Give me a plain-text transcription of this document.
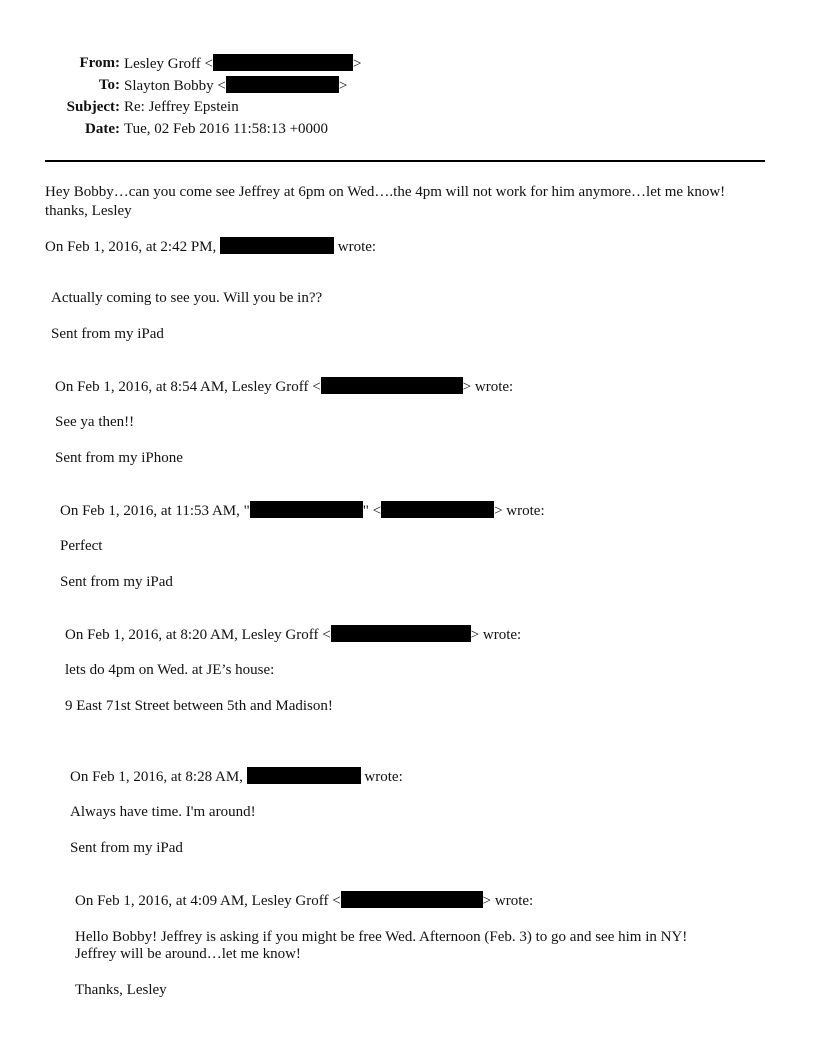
From: Lesley Groff <	>
To: Slayton Bobby <	>
Subject: Re: Jeffrey Epstein
Date: Tue, 02 Feb 2016 11:58:13 +0000
Hey Bobby…can you come see Jeffrey at 6pm on Wed….the 4pm will not work for him anymore…let me know!
thanks, Lesley
On Feb 1, 2016, at 2:42 PM,	wrote:
Actually coming to see you. Will you be in??
Sent from my iPad
On Feb 1, 2016, at 8:54 AM, Lesley Groff <	> wrote:
See ya then!!
Sent from my iPhone
On Feb 1, 2016, at 11:53 AM, "	" <	> wrote:
Perfect
Sent from my iPad
On Feb 1, 2016, at 8:20 AM, Lesley Groff <	> wrote:
lets do 4pm on Wed. at JE’s house:
9 East 71st Street between 5th and Madison!
On Feb 1, 2016, at 8:28 AM,	wrote:
Always have time. I'm around!
Sent from my iPad
On Feb 1, 2016, at 4:09 AM, Lesley Groff <	> wrote:
Hello Bobby! Jeffrey is asking if you might be free Wed. Afternoon (Feb. 3) to go and see him in NY!
Jeffrey will be around…let me know!
Thanks, Lesley
